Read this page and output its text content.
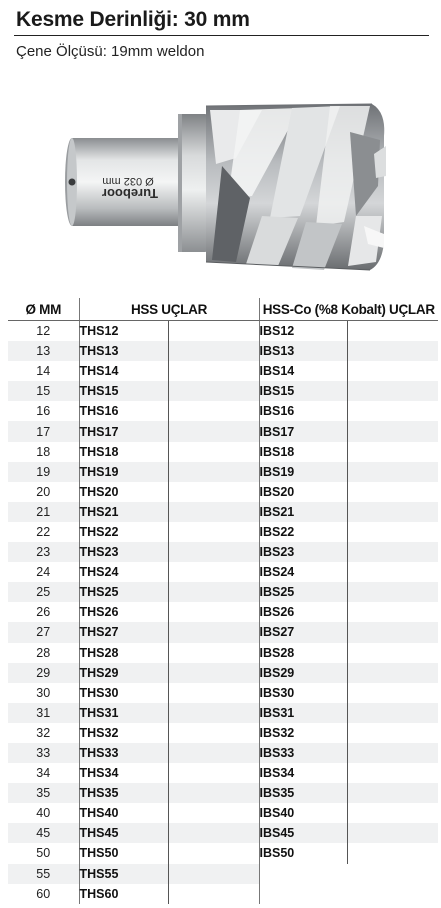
Kesme Derinliği: 30 mm
Çene Ölçüsü: 19mm weldon
Ø 032 mm
Tureboor
Ø MM	HSS UÇLAR		HSS-Co (%8 Kobalt) UÇLAR	
12	THS12		IBS12	
13	THS13		IBS13	
14	THS14		IBS14	
15	THS15		IBS15	
16	THS16		IBS16	
17	THS17		IBS17	
18	THS18		IBS18	
19	THS19		IBS19	
20	THS20		IBS20	
21	THS21		IBS21	
22	THS22		IBS22	
23	THS23		IBS23	
24	THS24		IBS24	
25	THS25		IBS25	
26	THS26		IBS26	
27	THS27		IBS27	
28	THS28		IBS28	
29	THS29		IBS29	
30	THS30		IBS30	
31	THS31		IBS31	
32	THS32		IBS32	
33	THS33		IBS33	
34	THS34		IBS34	
35	THS35		IBS35	
40	THS40		IBS40	
45	THS45		IBS45	
50	THS50		IBS50	
55	THS55			
60	THS60			
